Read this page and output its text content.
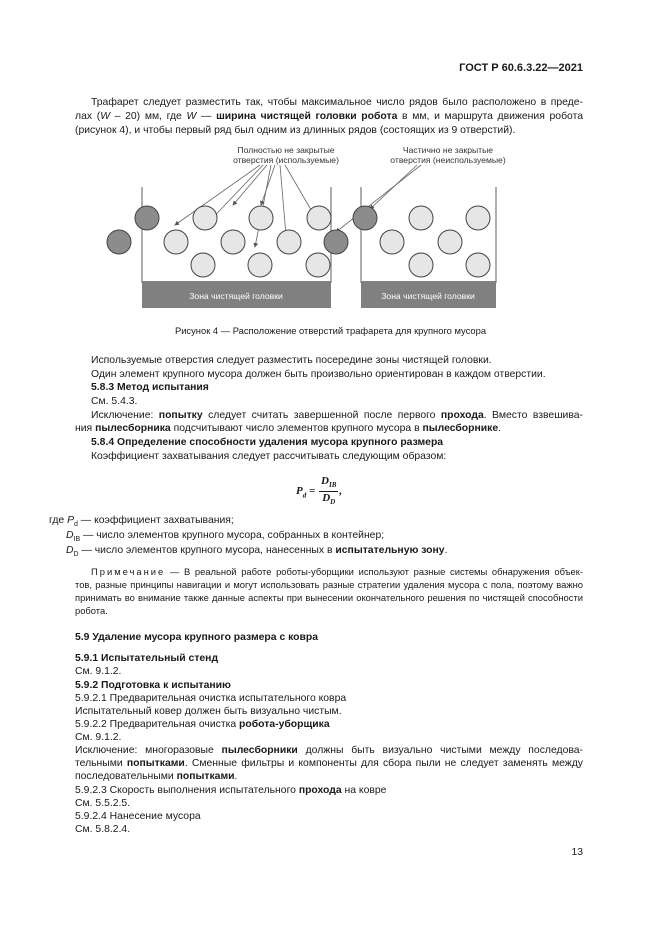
ГОСТ Р 60.6.3.22—2021
Трафарет следует разместить так, чтобы максимальное число рядов было расположено в преде-
лах (W – 20) мм, где W — ширина чистящей головки робота в мм, и маршрута движения робота
(рисунок 4), и чтобы первый ряд был одним из длинных рядов (состоящих из 9 отверстий).
Полностью не закрытые
отверстия (используемые)
Зона чистящей головки
Частично не закрытые
отверстия (неиспользуемые)
Зона чистящей головки
Рисунок 4 — Расположение отверстий трафарета для крупного мусора
Используемые отверстия следует разместить посередине зоны чистящей головки.
Один элемент крупного мусора должен быть произвольно ориентирован в каждом отверстии.
5.8.3 Метод испытания
См. 5.4.3.
Исключение: попытку следует считать завершенной после первого прохода. Вместо взвешива-
ния пылесборника подсчитывают число элементов крупного мусора в пылесборнике.
5.8.4 Определение способности удаления мусора крупного размера
Коэффициент захватывания следует рассчитывать следующим образом:
$P_d = \frac{D_{IB}}{D_D}$ ,
где $P_d$ — коэффициент захватывания;
$D_{IB}$ — число элементов крупного мусора, собранных в контейнер;
$D_D$ — число элементов крупного мусора, нанесенных в испытательную зону.
Примечание — В реальной работе роботы-уборщики используют разные системы обнаружения объек-
тов, разные принципы навигации и могут использовать разные стратегии удаления мусора с пола, поэтому важно
принимать во внимание также данные аспекты при вынесении окончательного решения по чистящей способности
робота.
5.9 Удаление мусора крупного размера с ковра
5.9.1 Испытательный стенд
См. 9.1.2.
5.9.2 Подготовка к испытанию
5.9.2.1 Предварительная очистка испытательного ковра
Испытательный ковер должен быть визуально чистым.
5.9.2.2 Предварительная очистка робота-уборщика
См. 9.1.2.
Исключение: многоразовые пылесборники должны быть визуально чистыми между последова-
тельными попытками. Сменные фильтры и компоненты для сбора пыли не следует заменять между
последовательными попытками.
5.9.2.3 Скорость выполнения испытательного прохода на ковре
См. 5.5.2.5.
5.9.2.4 Нанесение мусора
См. 5.8.2.4.
13
